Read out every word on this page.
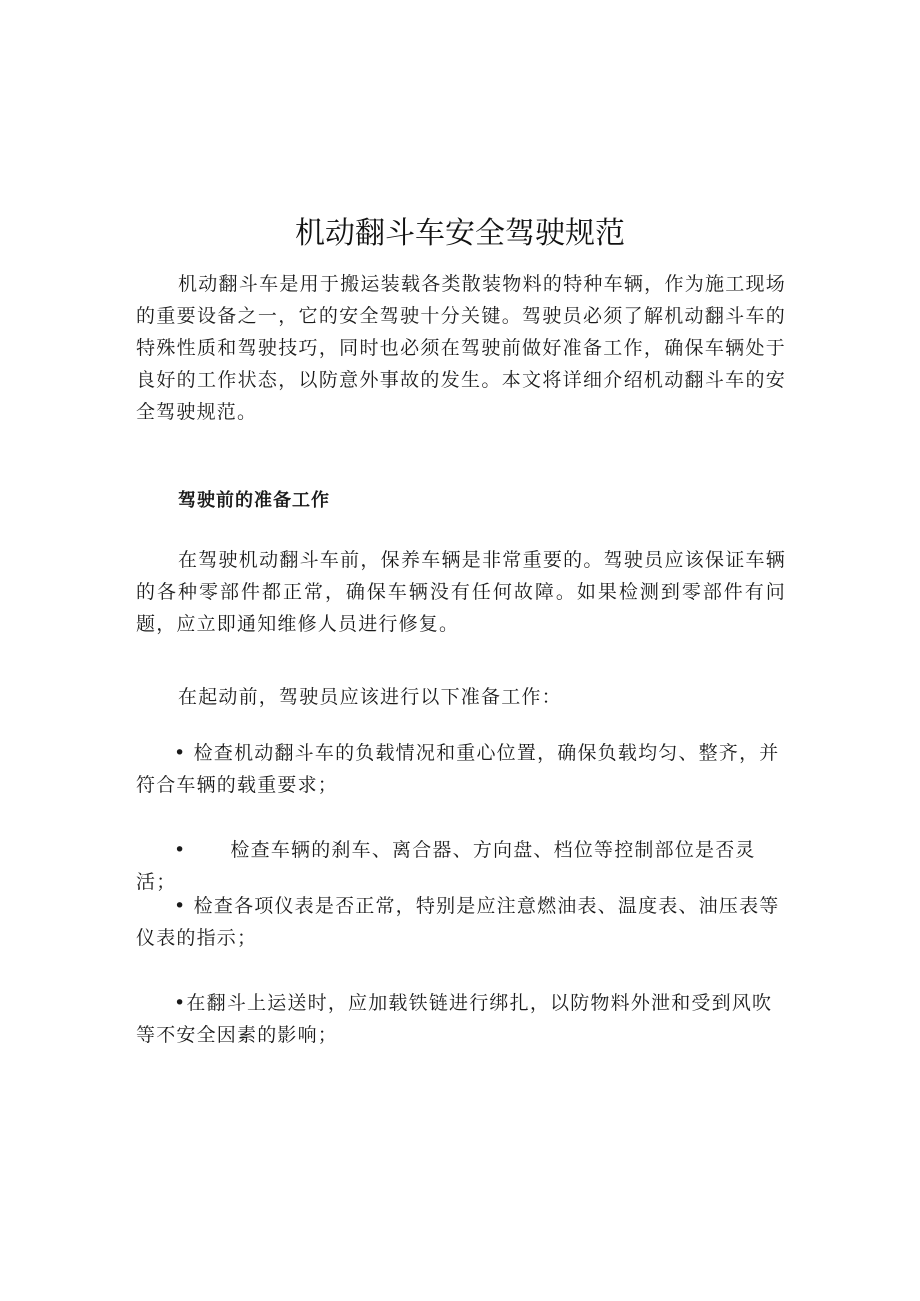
机动翻斗车安全驾驶规范

机动翻斗车是用于搬运装载各类散装物料的特种车辆，作为施工现场的重要设备之一，它的安全驾驶十分关键。驾驶员必须了解机动翻斗车的特殊性质和驾驶技巧，同时也必须在驾驶前做好准备工作，确保车辆处于良好的工作状态，以防意外事故的发生。本文将详细介绍机动翻斗车的安全驾驶规范。

驾驶前的准备工作

在驾驶机动翻斗车前，保养车辆是非常重要的。驾驶员应该保证车辆的各种零部件都正常，确保车辆没有任何故障。如果检测到零部件有问题，应立即通知维修人员进行修复。

在起动前，驾驶员应该进行以下准备工作：

• 检查机动翻斗车的负载情况和重心位置，确保负载均匀、整齐，并符合车辆的载重要求；

• 检查车辆的刹车、离合器、方向盘、档位等控制部位是否灵活；

• 检查各项仪表是否正常，特别是应注意燃油表、温度表、油压表等仪表的指示；

•在翻斗上运送时，应加载铁链进行绑扎，以防物料外泄和受到风吹等不安全因素的影响；
